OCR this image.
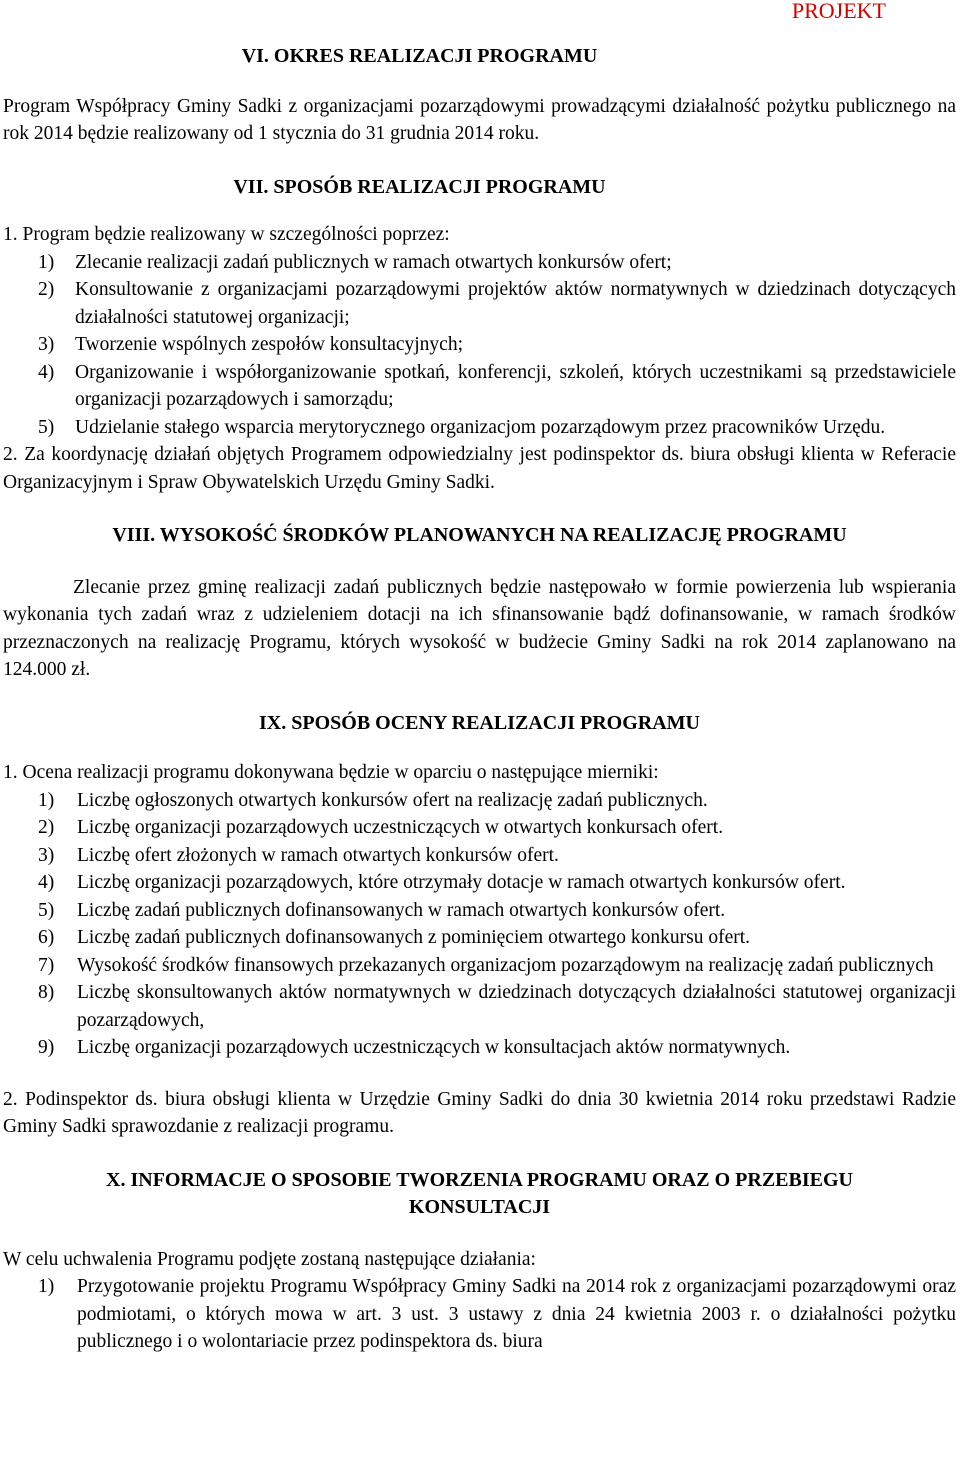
PROJEKT
VI. OKRES REALIZACJI PROGRAMU

Program Współpracy Gminy Sadki z organizacjami pozarządowymi prowadzącymi działalność pożytku publicznego na rok 2014 będzie realizowany od 1 stycznia do 31 grudnia 2014 roku.

VII. SPOSÓB REALIZACJI PROGRAMU

1. Program będzie realizowany w szczególności poprzez:

1) Zlecanie realizacji zadań publicznych w ramach otwartych konkursów ofert;
2) Konsultowanie z organizacjami pozarządowymi projektów aktów normatywnych w dziedzinach dotyczących działalności statutowej organizacji;
3) Tworzenie wspólnych zespołów konsultacyjnych;
4) Organizowanie i współorganizowanie spotkań, konferencji, szkoleń, których uczestnikami są przedstawiciele organizacji pozarządowych i samorządu;
5) Udzielanie stałego wsparcia merytorycznego organizacjom pozarządowym przez pracowników Urzędu.

2. Za koordynację działań objętych Programem odpowiedzialny jest podinspektor ds. biura obsługi klienta w Referacie Organizacyjnym i Spraw Obywatelskich Urzędu Gminy Sadki.

VIII. WYSOKOŚĆ ŚRODKÓW PLANOWANYCH NA REALIZACJĘ PROGRAMU

Zlecanie przez gminę realizacji zadań publicznych będzie następowało w formie powierzenia lub wspierania wykonania tych zadań wraz z udzieleniem dotacji na ich sfinansowanie bądź dofinansowanie, w ramach środków przeznaczonych na realizację Programu, których wysokość w budżecie Gminy Sadki na rok 2014 zaplanowano na 124.000 zł.

IX. SPOSÓB OCENY REALIZACJI PROGRAMU

1. Ocena realizacji programu dokonywana będzie w oparciu o następujące mierniki:

1) Liczbę ogłoszonych otwartych konkursów ofert na realizację zadań publicznych.
2) Liczbę organizacji pozarządowych uczestniczących w otwartych konkursach ofert.
3) Liczbę ofert złożonych w ramach otwartych konkursów ofert.
4) Liczbę organizacji pozarządowych, które otrzymały dotacje w ramach otwartych konkursów ofert.
5) Liczbę zadań publicznych dofinansowanych w ramach otwartych konkursów ofert.
6) Liczbę zadań publicznych dofinansowanych z pominięciem otwartego konkursu ofert.
7) Wysokość środków finansowych przekazanych organizacjom pozarządowym na realizację zadań publicznych
8) Liczbę skonsultowanych aktów normatywnych w dziedzinach dotyczących działalności statutowej organizacji pozarządowych,
9) Liczbę organizacji pozarządowych uczestniczących w konsultacjach aktów normatywnych.

2. Podinspektor ds. biura obsługi klienta w Urzędzie Gminy Sadki do dnia 30 kwietnia 2014 roku przedstawi Radzie Gminy Sadki sprawozdanie z realizacji programu.

X. INFORMACJE O SPOSOBIE TWORZENIA PROGRAMU ORAZ O PRZEBIEGU
KONSULTACJI

W celu uchwalenia Programu podjęte zostaną następujące działania:

1) Przygotowanie projektu Programu Współpracy Gminy Sadki na 2014 rok z organizacjami pozarządowymi oraz podmiotami, o których mowa w art. 3 ust. 3 ustawy z dnia 24 kwietnia 2003 r. o działalności pożytku publicznego i o wolontariacie przez podinspektora ds. biura
